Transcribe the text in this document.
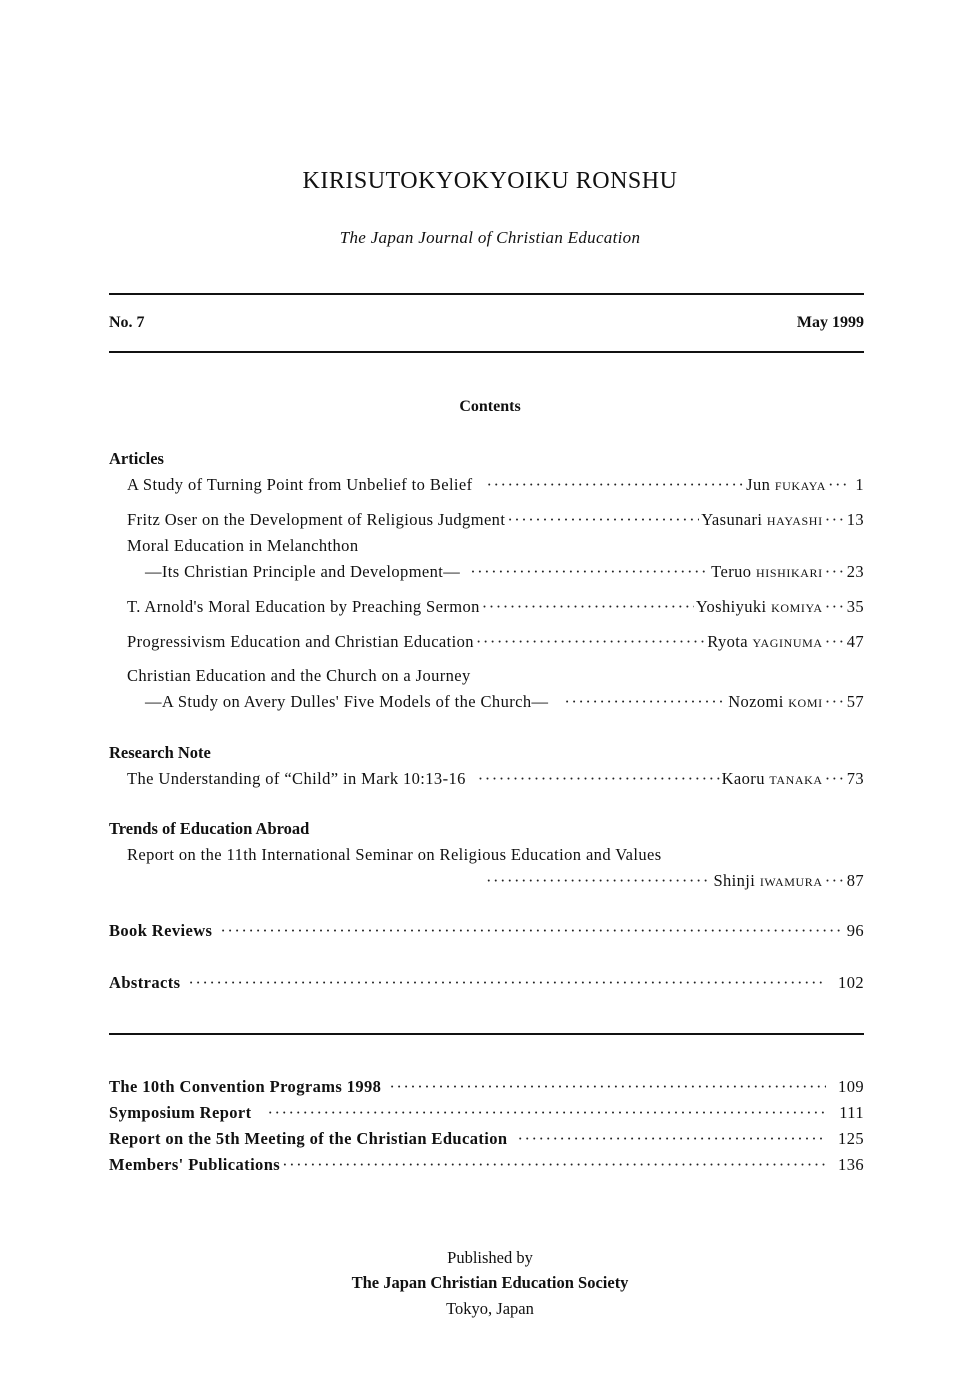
KIRISUTOKYOKYOIKU RONSHU
The Japan Journal of Christian Education
No. 7	May 1999
Contents
Articles
A Study of Turning Point from Unbelief to Belief ·····	Jun FUKAYA ·····	1
Fritz Oser on the Development of Religious Judgment ·····	Yasunari HAYASHI ····· 13
Moral Education in Melanchthon
—Its Christian Principle and Development— ·····	Teruo HISHIKARI ····· 23
T. Arnold's Moral Education by Preaching Sermon ·····	Yoshiyuki KOMIYA ····· 35
Progressivism Education and Christian Education ·····	Ryota YAGINUMA ····· 47
Christian Education and the Church on a Journey
—A Study on Avery Dulles' Five Models of the Church— ·····	Nozomi KOMI ····· 57
Research Note
The Understanding of “Child” in Mark 10:13-16 ·····	Kaoru TANAKA ····· 73
Trends of Education Abroad
Report on the 11th International Seminar on Religious Education and Values
·····
Shinji IWAMURA ····· 87
Book Reviews ·····	96
Abstracts ·····	102
The 10th Convention Programs 1998 ·····	109
Symposium Report ·····	111
Report on the 5th Meeting of the Christian Education ·····	125
Members' Publications ·····	136
Published by
The Japan Christian Education Society
Tokyo, Japan
